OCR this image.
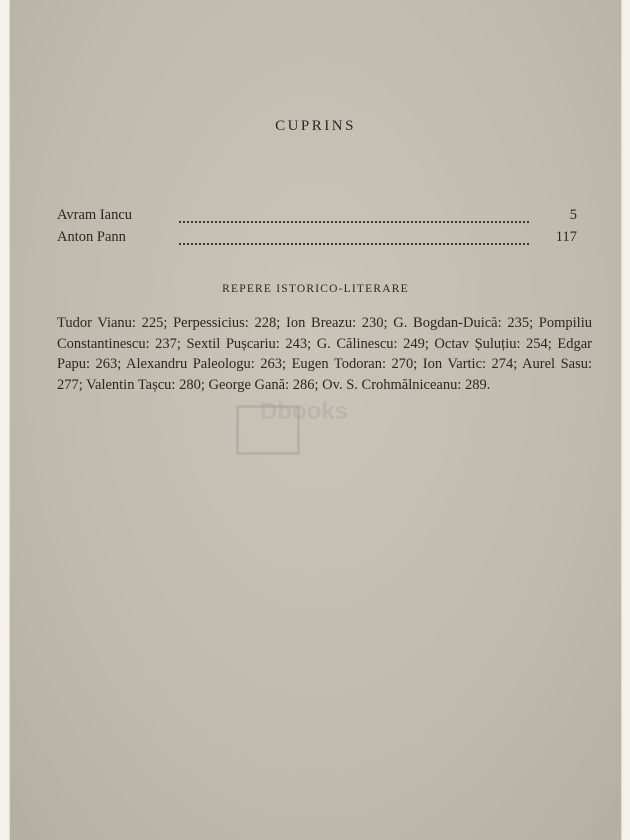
CUPRINS
Avram Iancu	5
Anton Pann	117
REPERE ISTORICO-LITERARE
Tudor Vianu: 225; Perpessicius: 228; Ion Breazu: 230; G. Bogdan-Duică: 235; Pompiliu Constantinescu: 237; Sextil Pușcariu: 243; G. Călinescu: 249; Octav Șuluțiu: 254; Edgar Papu: 263; Alexandru Paleologu: 263; Eugen Todoran: 270; Ion Vartic: 274; Aurel Sasu: 277; Valentin Tașcu: 280; George Gană: 286; Ov. S. Crohmălniceanu: 289.
Dbooks
